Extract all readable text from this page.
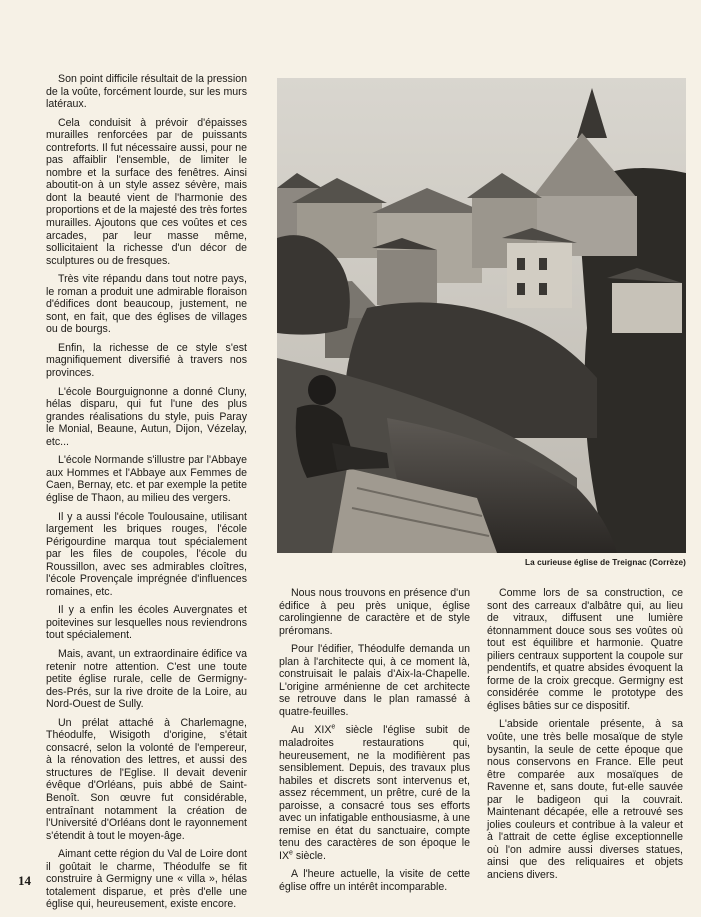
Son point difficile résultait de la pression de la voûte, forcément lourde, sur les murs latéraux.

Cela conduisit à prévoir d'épaisses murailles renforcées par de puissants contreforts. Il fut nécessaire aussi, pour ne pas affaiblir l'ensemble, de limiter le nombre et la surface des fenêtres. Ainsi aboutit-on à un style assez sévère, mais dont la beauté vient de l'harmonie des proportions et de la majesté des très fortes murailles. Ajoutons que ces voûtes et ces arcades, par leur masse même, sollicitaient la richesse d'un décor de sculptures ou de fresques.

Très vite répandu dans tout notre pays, le roman a produit une admirable floraison d'édifices dont beaucoup, justement, ne sont, en fait, que des églises de villages ou de bourgs.

Enfin, la richesse de ce style s'est magnifiquement diversifié à travers nos provinces.

L'école Bourguignonne a donné Cluny, hélas disparu, qui fut l'une des plus grandes réalisations du style, puis Paray le Monial, Beaune, Autun, Dijon, Vézelay, etc...

L'école Normande s'illustre par l'Abbaye aux Hommes et l'Abbaye aux Femmes de Caen, Bernay, etc. et par exemple la petite église de Thaon, au milieu des vergers.

Il y a aussi l'école Toulousaine, utilisant largement les briques rouges, l'école Périgourdine marqua tout spécialement par les files de coupoles, l'école du Roussillon, avec ses admirables cloîtres, l'école Provençale imprégnée d'influences romaines, etc.

Il y a enfin les écoles Auvergnates et poitevines sur lesquelles nous reviendrons tout spécialement.

Mais, avant, un extraordinaire édifice va retenir notre attention. C'est une toute petite église rurale, celle de Germigny-des-Prés, sur la rive droite de la Loire, au Nord-Ouest de Sully.

Un prélat attaché à Charlemagne, Théodulfe, Wisigoth d'origine, s'était consacré, selon la volonté de l'empereur, à la rénovation des lettres, et aussi des structures de l'Eglise. Il devait devenir évêque d'Orléans, puis abbé de Saint-Benoît. Son œuvre fut considérable, entraînant notamment la création de l'Université d'Orléans dont le rayonnement s'étendit à tout le moyen-âge.

Aimant cette région du Val de Loire dont il goûtait le charme, Théodulfe se fit construire à Germigny une « villa », hélas totalement disparue, et près d'elle une église qui, heureusement, existe encore.

La curieuse église de Treignac (Corrèze)

Nous nous trouvons en présence d'un édifice à peu près unique, église carolingienne de caractère et de style préromans.

Pour l'édifier, Théodulfe demanda un plan à l'architecte qui, à ce moment là, construisait le palais d'Aix-la-Chapelle. L'origine arménienne de cet architecte se retrouve dans le plan ramassé à quatre-feuilles.

Au XIXe siècle l'église subit de maladroites restaurations qui, heureusement, ne la modifièrent pas sensiblement. Depuis, des travaux plus habiles et discrets sont intervenus et, assez récemment, un prêtre, curé de la paroisse, a consacré tous ses efforts avec un infatigable enthousiasme, à une remise en état du sanctuaire, compte tenu des caractères de son époque le IXe siècle.

A l'heure actuelle, la visite de cette église offre un intérêt incomparable.

Comme lors de sa construction, ce sont des carreaux d'albâtre qui, au lieu de vitraux, diffusent une lumière étonnamment douce sous ses voûtes où tout est équilibre et harmonie. Quatre piliers centraux supportent la coupole sur pendentifs, et quatre absides évoquent la forme de la croix grecque. Germigny est considérée comme le prototype des églises bâties sur ce dispositif.

L'abside orientale présente, à sa voûte, une très belle mosaïque de style bysantin, la seule de cette époque que nous conservons en France. Elle peut être comparée aux mosaïques de Ravenne et, sans doute, fut-elle sauvée par le badigeon qui la couvrait. Maintenant décapée, elle a retrouvé ses jolies couleurs et contribue à la valeur et à l'attrait de cette église exceptionnelle où l'on admire aussi diverses statues, ainsi que des reliquaires et objets anciens divers.

14
